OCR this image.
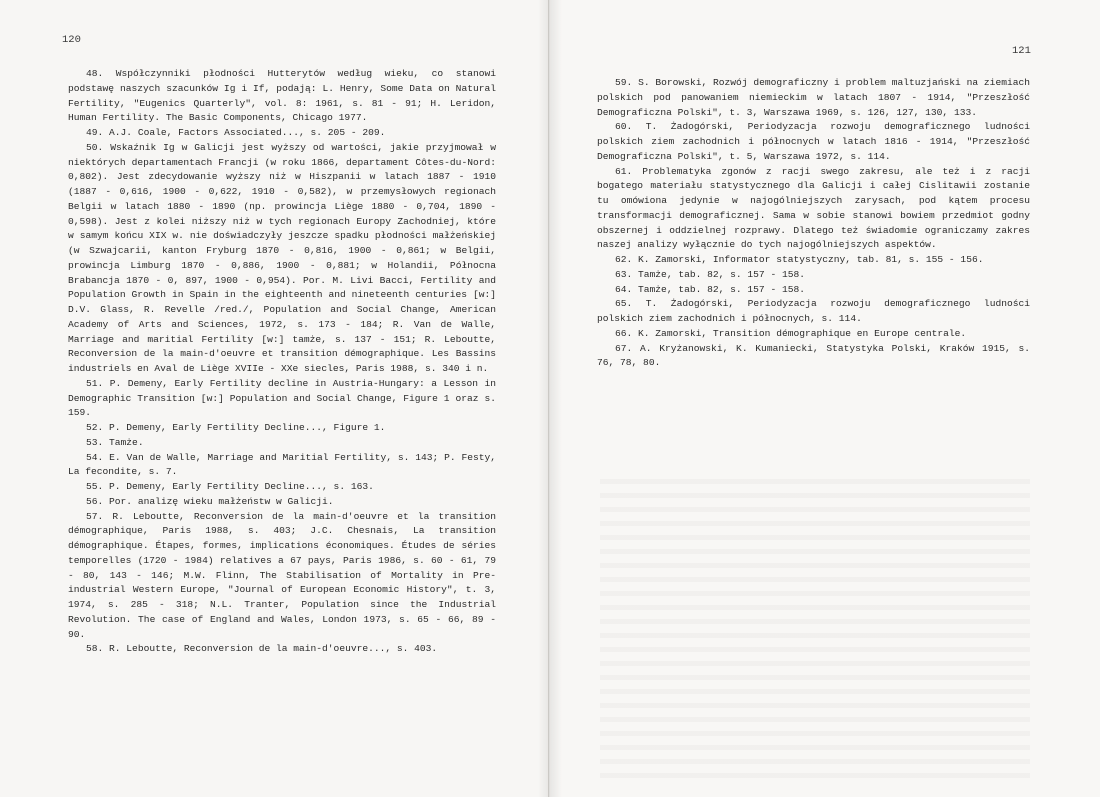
120

48. Współczynniki płodności Hutterytów według wieku, co stanowi podstawę naszych szacunków Ig i If, podają: L. Henry, Some Data on Natural Fertility, "Eugenics Quarterly", vol. 8: 1961, s. 81 - 91; H. Leridon, Human Fertility. The Basic Components, Chicago 1977.

49. A.J. Coale, Factors Associated..., s. 205 - 209.

50. Wskaźnik Ig w Galicji jest wyższy od wartości, jakie przyjmował w niektórych departamentach Francji (w roku 1866, departament Côtes-du-Nord: 0,802). Jest zdecydowanie wyższy niż w Hiszpanii w latach 1887 - 1910 (1887 - 0,616, 1900 - 0,622, 1910 - 0,582), w przemysłowych regionach Belgii w latach 1880 - 1890 (np. prowincja Liège 1880 - 0,704, 1890 - 0,598). Jest z kolei niższy niż w tych regionach Europy Zachodniej, które w samym końcu XIX w. nie doświadczyły jeszcze spadku płodności małżeńskiej (w Szwajcarii, kanton Fryburg 1870 - 0,816, 1900 - 0,861; w Belgii, prowincja Limburg 1870 - 0,886, 1900 - 0,881; w Holandii, Północna Brabancja 1870 - 0, 897, 1900 - 0,954). Por. M. Livi Bacci, Fertility and Population Growth in Spain in the eighteenth and nineteenth centuries [w:] D.V. Glass, R. Revelle /red./, Population and Social Change, American Academy of Arts and Sciences, 1972, s. 173 - 184; R. Van de Walle, Marriage and maritial Fertility [w:] tamże, s. 137 - 151; R. Leboutte, Reconversion de la main-d'oeuvre et transition démographique. Les Bassins industriels en Aval de Liège XVIIe - XXe siecles, Paris 1988, s. 340 i n.

51. P. Demeny, Early Fertility decline in Austria-Hungary: a Lesson in Demographic Transition [w:] Population and Social Change, Figure 1 oraz s. 159.

52. P. Demeny, Early Fertility Decline..., Figure 1.

53. Tamże.

54. E. Van de Walle, Marriage and Maritial Fertility, s. 143; P. Festy, La fecondite, s. 7.

55. P. Demeny, Early Fertility Decline..., s. 163.

56. Por. analizę wieku małżeństw w Galicji.

57. R. Leboutte, Reconversion de la main-d'oeuvre et la transition démographique, Paris 1988, s. 403; J.C. Chesnais, La transition démographique. Étapes, formes, implications économiques. Études de séries temporelles (1720 - 1984) relatives a 67 pays, Paris 1986, s. 60 - 61, 79 - 80, 143 - 146; M.W. Flinn, The Stabilisation of Mortality in Pre-industrial Western Europe, "Journal of European Economic History", t. 3, 1974, s. 285 - 318; N.L. Tranter, Population since the Industrial Revolution. The case of England and Wales, London 1973, s. 65 - 66, 89 - 90.

58. R. Leboutte, Reconversion de la main-d'oeuvre..., s. 403.

121

59. S. Borowski, Rozwój demograficzny i problem maltuzjański na ziemiach polskich pod panowaniem niemieckim w latach 1807 - 1914, "Przeszłość Demograficzna Polski", t. 3, Warszawa 1969, s. 126, 127, 130, 133.

60. T. Żadogórski, Periodyzacja rozwoju demograficznego ludności polskich ziem zachodnich i północnych w latach 1816 - 1914, "Przeszłość Demograficzna Polski", t. 5, Warszawa 1972, s. 114.

61. Problematyka zgonów z racji swego zakresu, ale też i z racji bogatego materiału statystycznego dla Galicji i całej Cislitawii zostanie tu omówiona jedynie w najogólniejszych zarysach, pod kątem procesu transformacji demograficznej. Sama w sobie stanowi bowiem przedmiot godny obszernej i oddzielnej rozprawy. Dlatego też świadomie ograniczamy zakres naszej analizy wyłącznie do tych najogólniejszych aspektów.

62. K. Zamorski, Informator statystyczny, tab. 81, s. 155 - 156.

63. Tamże, tab. 82, s. 157 - 158.

64. Tamże, tab. 82, s. 157 - 158.

65. T. Żadogórski, Periodyzacja rozwoju demograficznego ludności polskich ziem zachodnich i północnych, s. 114.

66. K. Zamorski, Transition démographique en Europe centrale.

67. A. Kryżanowski, K. Kumaniecki, Statystyka Polski, Kraków 1915, s. 76, 78, 80.
